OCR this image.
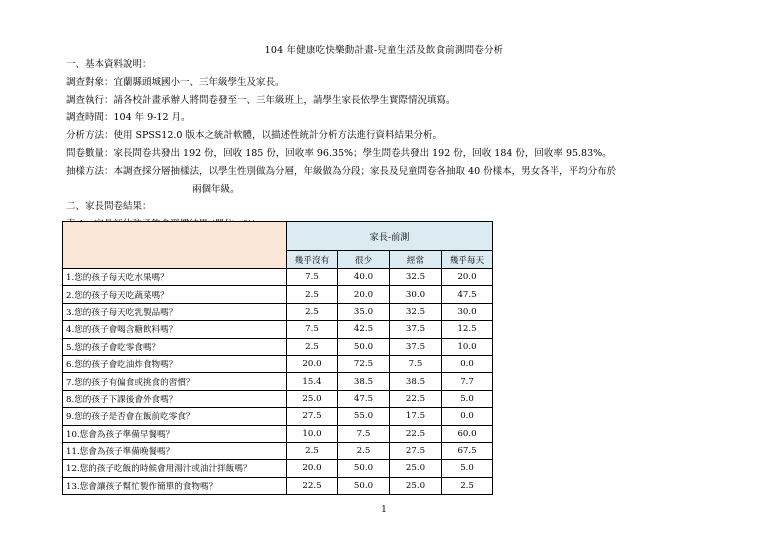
104 年健康吃快樂動計畫-兒童生活及飲食前測問卷分析
一、基本資料說明：
調查對象：宜蘭縣頭城國小一、三年級學生及家長。
調查執行：請各校計畫承辦人將問卷發至一、三年級班上，請學生家長依學生實際情況填寫。
調查時間：104 年 9-12 月。
分析方法：使用 SPSS12.0 版本之統計軟體，以描述性統計分析方法進行資料結果分析。
問卷數量：家長問卷共發出 192 份，回收 185 份，回收率 96.35%；學生問卷共發出 192 份，回收 184 份，回收率 95.83%。
抽樣方法：本調查採分層抽樣法，以學生性別做為分層，年級做為分段；家長及兒童問卷各抽取 40 份樣本，男女各半，平均分布於
兩個年級。
二、家長問卷結果：
	家長-前測			
	幾乎沒有	很少	經常	幾乎每天
1.您的孩子每天吃水果嗎？	7.5	40.0	32.5	20.0
2.您的孩子每天吃蔬菜嗎？	2.5	20.0	30.0	47.5
3.您的孩子每天吃乳製品嗎？	2.5	35.0	32.5	30.0
4.您的孩子會喝含糖飲料嗎？	7.5	42.5	37.5	12.5
5.您的孩子會吃零食嗎？	2.5	50.0	37.5	10.0
6.您的孩子會吃油炸食物嗎？	20.0	72.5	7.5	0.0
7.您的孩子有偏食或挑食的習慣？	15.4	38.5	38.5	7.7
8.您的孩子下課後會外食嗎？	25.0	47.5	22.5	5.0
9.您的孩子是否會在飯前吃零食？	27.5	55.0	17.5	0.0
10.您會為孩子準備早餐嗎？	10.0	7.5	22.5	60.0
11.您會為孩子準備晚餐嗎？	2.5	2.5	27.5	67.5
12.您的孩子吃飯的時候會用湯汁或油汁拌飯嗎？	20.0	50.0	25.0	5.0
13.您會讓孩子幫忙製作簡單的食物嗎？	22.5	50.0	25.0	2.5
1
